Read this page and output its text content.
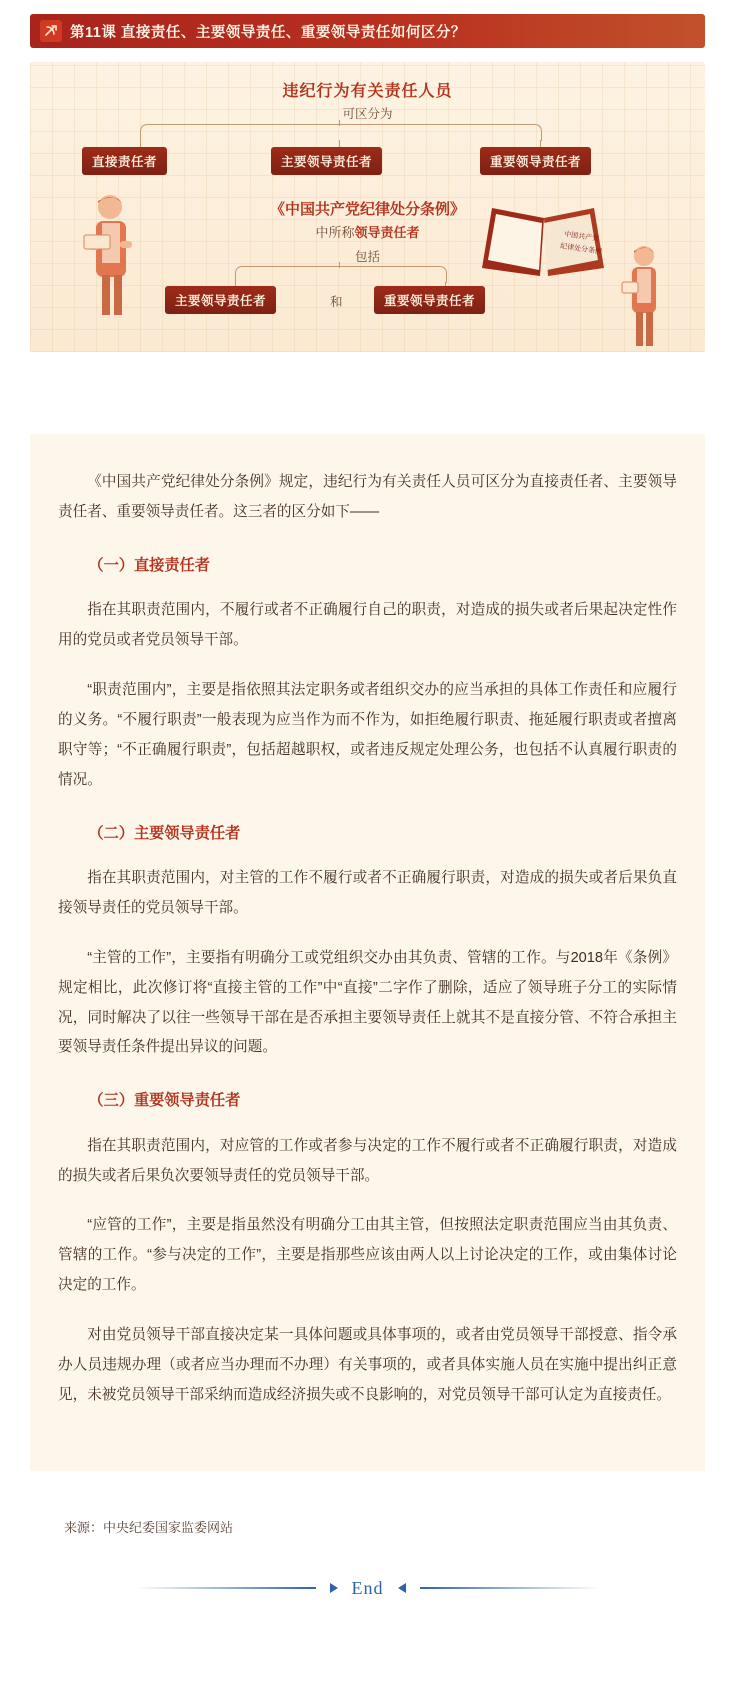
第11课 直接责任、主要领导责任、重要领导责任如何区分？
违纪行为有关责任人员
可区分为
直接责任者	主要领导责任者	重要领导责任者
中国共产党
纪律处分条例
《中国共产党纪律处分条例》
中所称领导责任者
包括
主要领导责任者	和	重要领导责任者

《中国共产党纪律处分条例》规定，违纪行为有关责任人员可区分为直接责任者、主要领导责任者、重要领导责任者。这三者的区分如下——

（一）直接责任者

指在其职责范围内，不履行或者不正确履行自己的职责，对造成的损失或者后果起决定性作用的党员或者党员领导干部。

“职责范围内”，主要是指依照其法定职务或者组织交办的应当承担的具体工作责任和应履行的义务。“不履行职责”一般表现为应当作为而不作为，如拒绝履行职责、拖延履行职责或者擅离职守等；“不正确履行职责”，包括超越职权，或者违反规定处理公务，也包括不认真履行职责的情况。

（二）主要领导责任者

指在其职责范围内，对主管的工作不履行或者不正确履行职责，对造成的损失或者后果负直接领导责任的党员领导干部。

“主管的工作”，主要指有明确分工或党组织交办由其负责、管辖的工作。与2018年《条例》规定相比，此次修订将“直接主管的工作”中“直接”二字作了删除，适应了领导班子分工的实际情况，同时解决了以往一些领导干部在是否承担主要领导责任上就其不是直接分管、不符合承担主要领导责任条件提出异议的问题。

（三）重要领导责任者

指在其职责范围内，对应管的工作或者参与决定的工作不履行或者不正确履行职责，对造成的损失或者后果负次要领导责任的党员领导干部。

“应管的工作”，主要是指虽然没有明确分工由其主管，但按照法定职责范围应当由其负责、管辖的工作。“参与决定的工作”，主要是指那些应该由两人以上讨论决定的工作，或由集体讨论决定的工作。

对由党员领导干部直接决定某一具体问题或具体事项的，或者由党员领导干部授意、指令承办人员违规办理（或者应当办理而不办理）有关事项的，或者具体实施人员在实施中提出纠正意见，未被党员领导干部采纳而造成经济损失或不良影响的，对党员领导干部可认定为直接责任。

来源：中央纪委国家监委网站
End
